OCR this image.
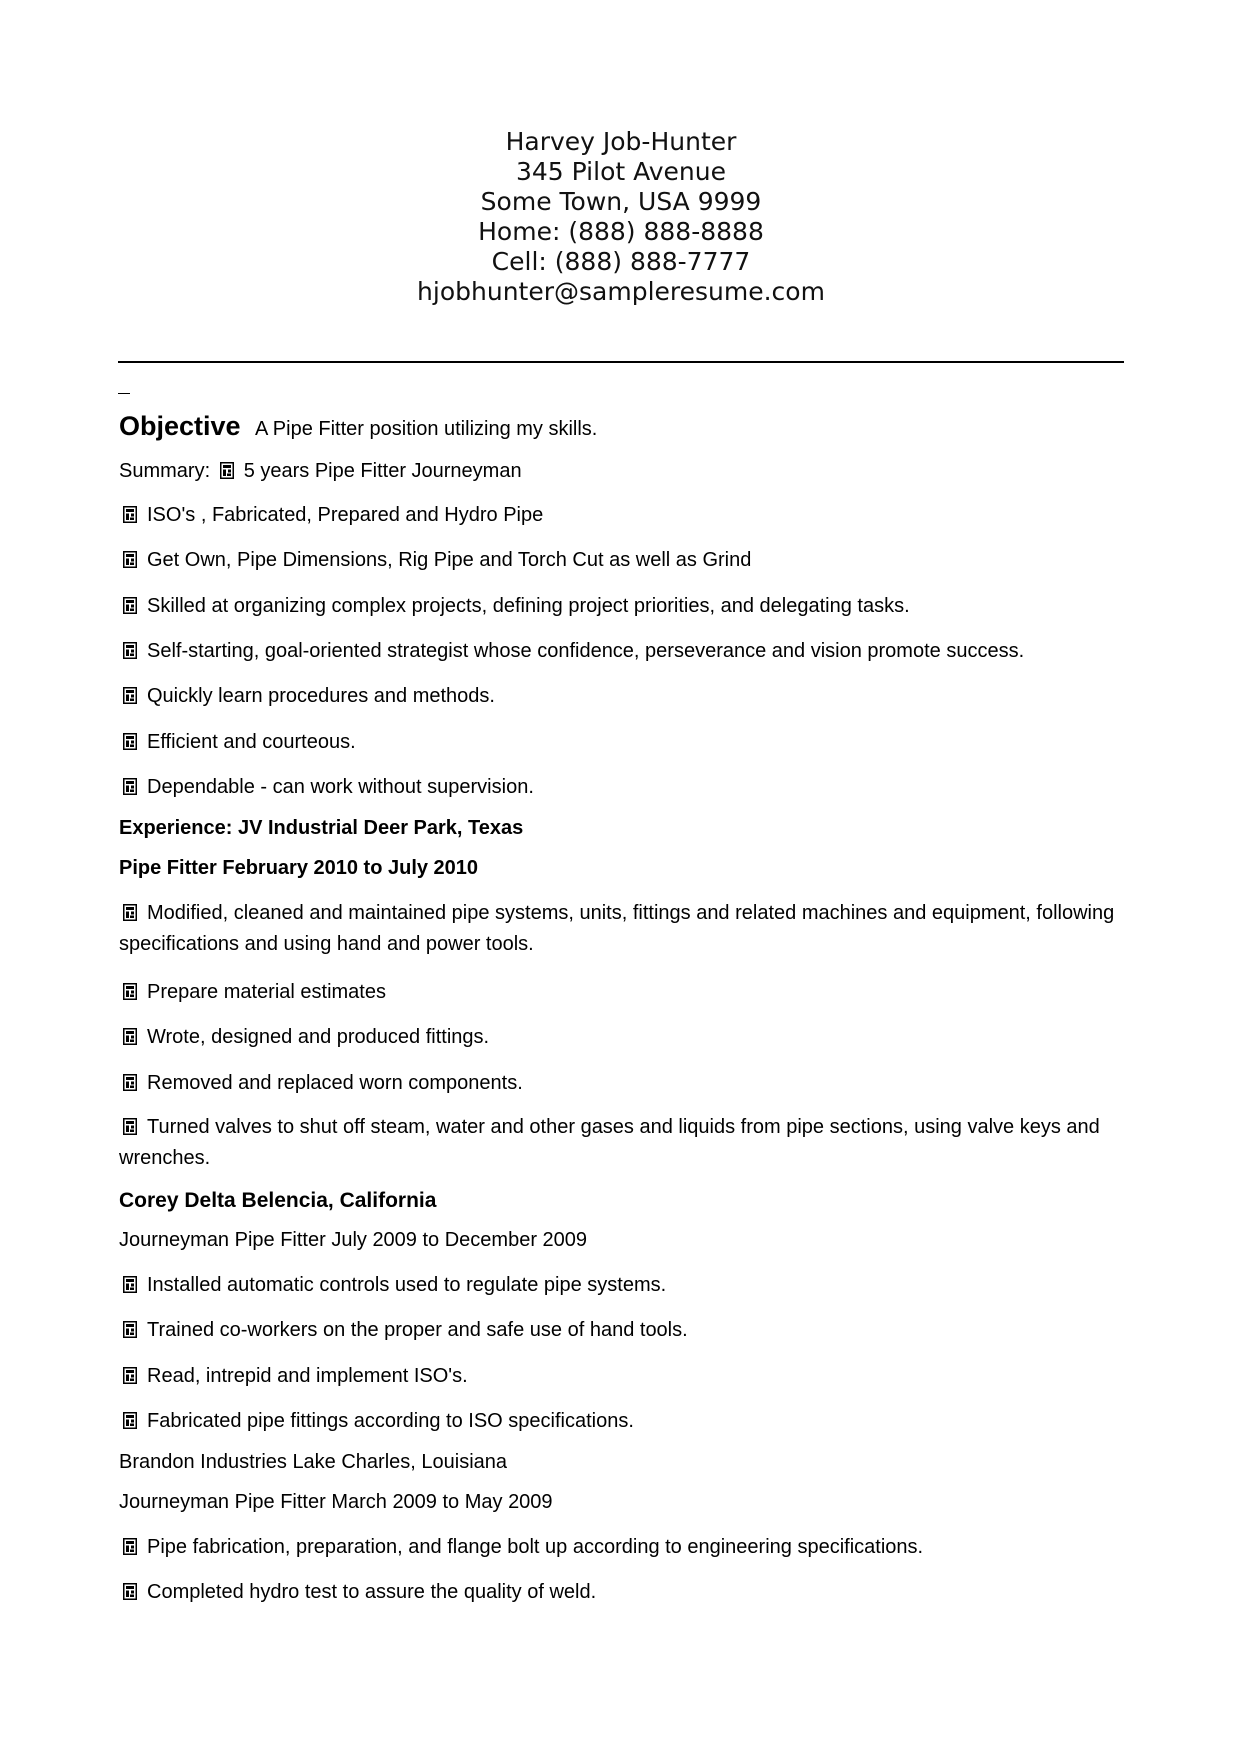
Harvey Job-Hunter
345 Pilot Avenue
Some Town, USA 9999
Home: (888) 888-8888
Cell: (888) 888-7777
hjobhunter@sampleresume.com
Objective A Pipe Fitter position utilizing my skills.
Summary: 5 years Pipe Fitter Journeyman
ISO's , Fabricated, Prepared and Hydro Pipe
Get Own, Pipe Dimensions, Rig Pipe and Torch Cut as well as Grind
Skilled at organizing complex projects, defining project priorities, and delegating tasks.
Self-starting, goal-oriented strategist whose confidence, perseverance and vision promote success.
Quickly learn procedures and methods.
Efficient and courteous.
Dependable - can work without supervision.
Experience: JV Industrial Deer Park, Texas
Pipe Fitter February 2010 to July 2010
Modified, cleaned and maintained pipe systems, units, fittings and related machines and equipment, following specifications and using hand and power tools.
Prepare material estimates
Wrote, designed and produced fittings.
Removed and replaced worn components.
Turned valves to shut off steam, water and other gases and liquids from pipe sections, using valve keys and wrenches.
Corey Delta Belencia, California
Journeyman Pipe Fitter July 2009 to December 2009
Installed automatic controls used to regulate pipe systems.
Trained co-workers on the proper and safe use of hand tools.
Read, intrepid and implement ISO's.
Fabricated pipe fittings according to ISO specifications.
Brandon Industries Lake Charles, Louisiana
Journeyman Pipe Fitter March 2009 to May 2009
Pipe fabrication, preparation, and flange bolt up according to engineering specifications.
Completed hydro test to assure the quality of weld.
